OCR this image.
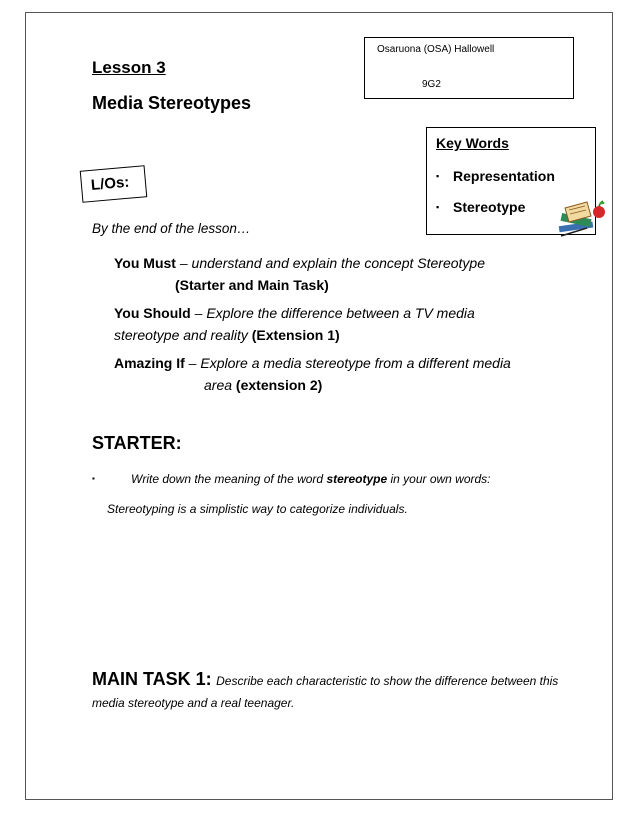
Osaruona (OSA) Hallowell
9G2
Lesson 3
Media Stereotypes
Key Words
▪ Representation
▪ Stereotype
L/Os:
By the end of the lesson…
You Must – understand and explain the concept Stereotype
(Starter and Main Task)
You Should – Explore the difference between a TV media
stereotype and reality (Extension 1)
Amazing If – Explore a media stereotype from a different media
area (extension 2)
STARTER:
▪	Write down the meaning of the word stereotype in your own words:
Stereotyping is a simplistic way to categorize individuals.
MAIN TASK 1: Describe each characteristic to show the difference between this media stereotype and a real teenager.
